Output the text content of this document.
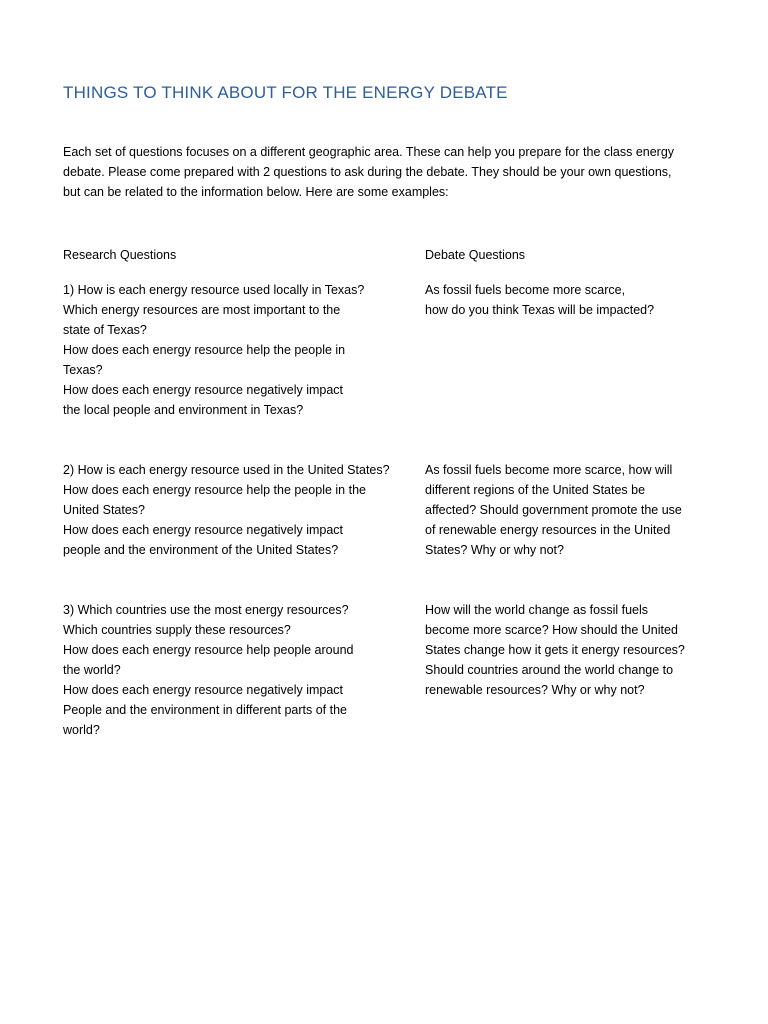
THINGS TO THINK ABOUT FOR THE ENERGY DEBATE
Each set of questions focuses on a different geographic area. These can help you prepare for the class energy
debate. Please come prepared with 2 questions to ask during the debate. They should be your own questions,
but can be related to the information below. Here are some examples:
Research Questions	Debate Questions
1) How is each energy resource used locally in Texas?
Which energy resources are most important to the
state of Texas?
How does each energy resource help the people in
Texas?
How does each energy resource negatively impact
the local people and environment in Texas?
As fossil fuels become more scarce,
how do you think Texas will be impacted?
2) How is each energy resource used in the United States?
How does each energy resource help the people in the
United States?
How does each energy resource negatively impact
people and the environment of the United States?
As fossil fuels become more scarce, how will
different regions of the United States be
affected? Should government promote the use
of renewable energy resources in the United
States? Why or why not?
3) Which countries use the most energy resources?
Which countries supply these resources?
How does each energy resource help people around
the world?
How does each energy resource negatively impact
People and the environment in different parts of the
world?
How will the world change as fossil fuels
become more scarce? How should the United
States change how it gets it energy resources?
Should countries around the world change to
renewable resources? Why or why not?
